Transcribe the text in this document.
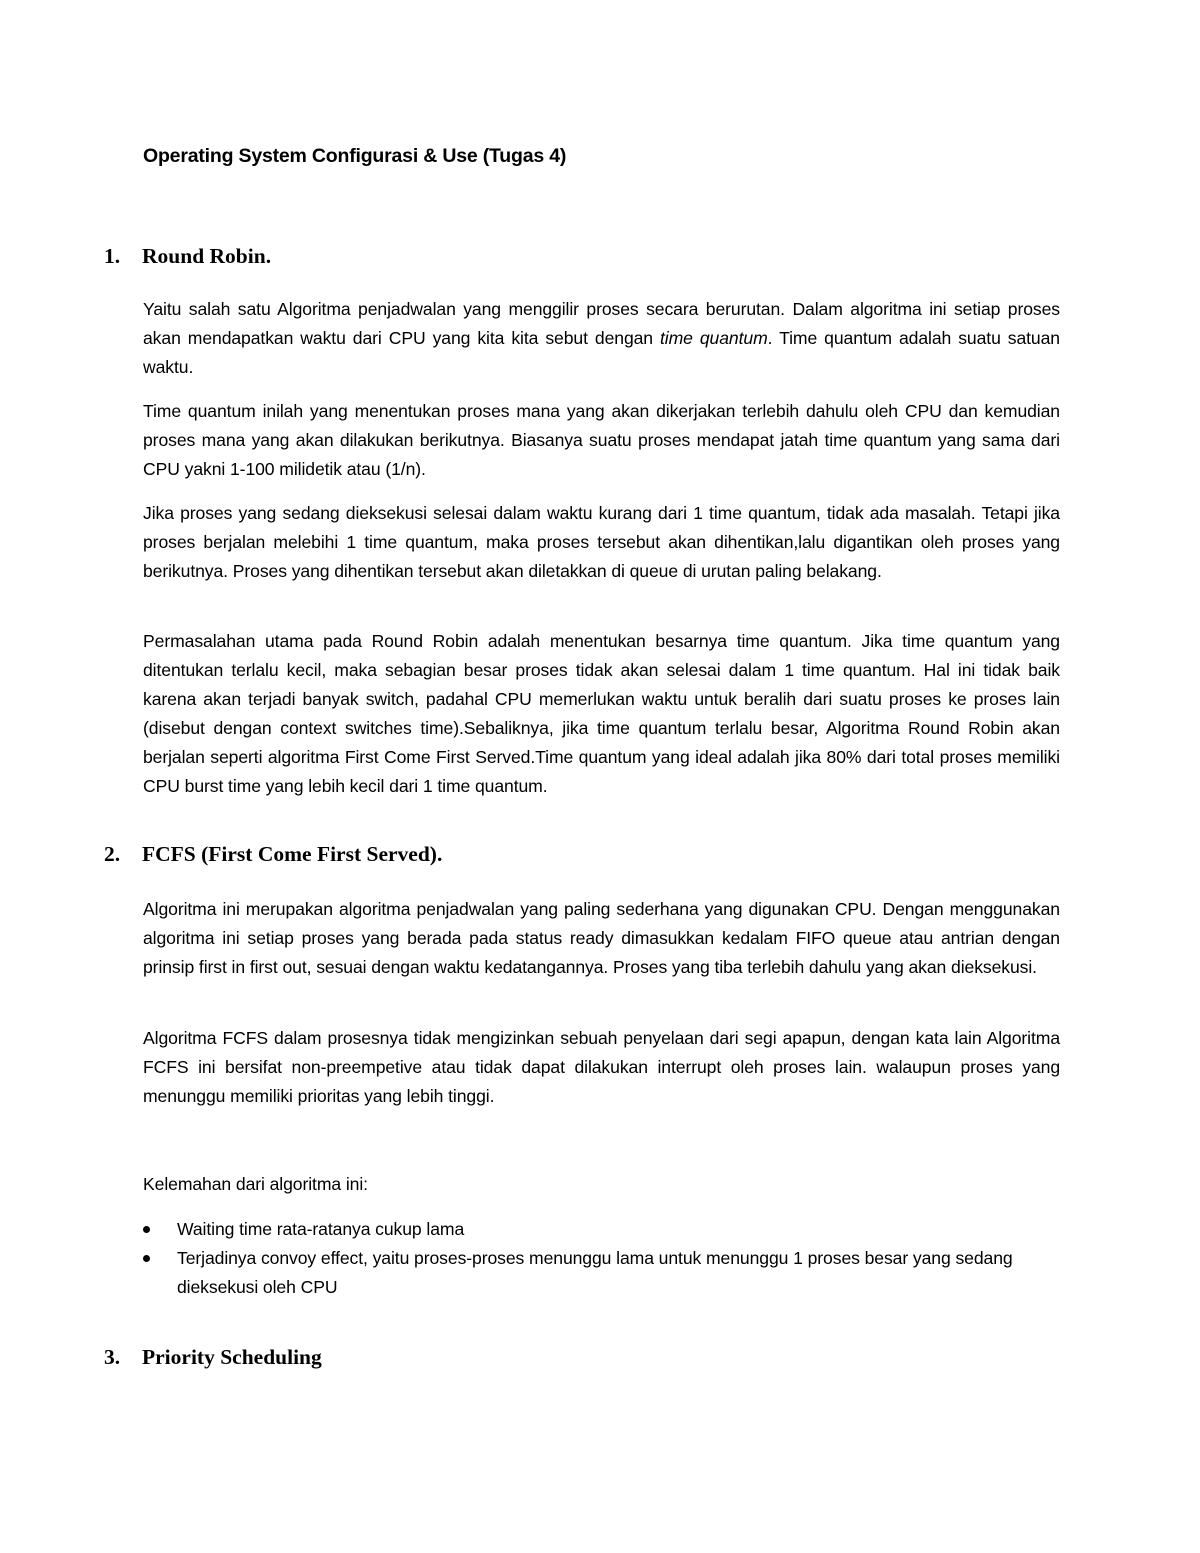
Operating System Configurasi & Use (Tugas 4)
1. Round Robin.

Yaitu salah satu Algoritma penjadwalan yang menggilir proses secara berurutan. Dalam algoritma ini setiap proses akan mendapatkan waktu dari CPU yang kita kita sebut dengan time quantum. Time quantum adalah suatu satuan waktu.

Time quantum inilah yang menentukan proses mana yang akan dikerjakan terlebih dahulu oleh CPU dan kemudian proses mana yang akan dilakukan berikutnya. Biasanya suatu proses mendapat jatah time quantum yang sama dari CPU yakni 1-100 milidetik atau (1/n).

Jika proses yang sedang dieksekusi selesai dalam waktu kurang dari 1 time quantum, tidak ada masalah. Tetapi jika proses berjalan melebihi 1 time quantum, maka proses tersebut akan dihentikan,lalu digantikan oleh proses yang berikutnya. Proses yang dihentikan tersebut akan diletakkan di queue di urutan paling belakang.

Permasalahan utama pada Round Robin adalah menentukan besarnya time quantum. Jika time quantum yang ditentukan terlalu kecil, maka sebagian besar proses tidak akan selesai dalam 1 time quantum. Hal ini tidak baik karena akan terjadi banyak switch, padahal CPU memerlukan waktu untuk beralih dari suatu proses ke proses lain (disebut dengan context switches time).Sebaliknya, jika time quantum terlalu besar, Algoritma Round Robin akan berjalan seperti algoritma First Come First Served.Time quantum yang ideal adalah jika 80% dari total proses memiliki CPU burst time yang lebih kecil dari 1 time quantum.

2. FCFS (First Come First Served).

Algoritma ini merupakan algoritma penjadwalan yang paling sederhana yang digunakan CPU. Dengan menggunakan algoritma ini setiap proses yang berada pada status ready dimasukkan kedalam FIFO queue atau antrian dengan prinsip first in first out, sesuai dengan waktu kedatangannya. Proses yang tiba terlebih dahulu yang akan dieksekusi.

Algoritma FCFS dalam prosesnya tidak mengizinkan sebuah penyelaan dari segi apapun, dengan kata lain Algoritma FCFS ini bersifat non-preempetive atau tidak dapat dilakukan interrupt oleh proses lain. walaupun proses yang menunggu memiliki prioritas yang lebih tinggi.

Kelemahan dari algoritma ini:

Waiting time rata-ratanya cukup lama
Terjadinya convoy effect, yaitu proses-proses menunggu lama untuk menunggu 1 proses besar yang sedang dieksekusi oleh CPU
3. Priority Scheduling
